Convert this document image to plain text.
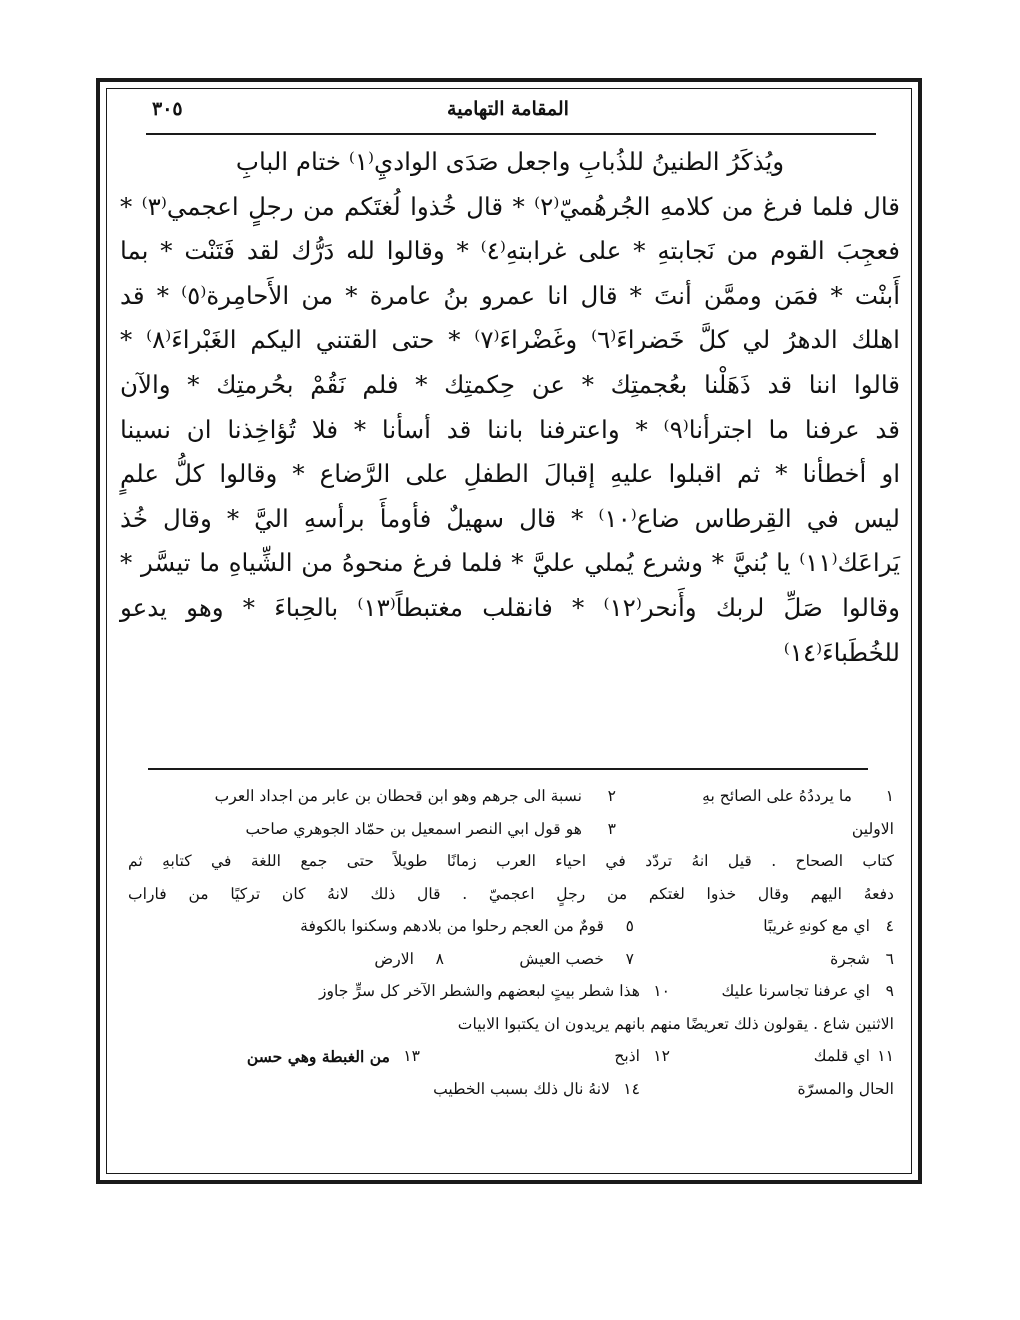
المقامة التهامية
٣٠٥
ويُذكَرُ الطنينُ للذُبابِ واجعل صَدَى الواديِ⁽١⁾ ختام البابِ
قال فلما فرغ من كلامهِ الجُرهُميّ⁽٢⁾ * قال خُذوا لُغتَكم من رجلٍ اعجمي⁽٣⁾ *
فعجِبَ القوم من نَجابتهِ * على غرابتهِ⁽٤⁾ * وقالوا لله دَرُّك لقد فَتَنْت * بما
أَبنْت * فمَن وممَّن أنتَ * قال انا عمرو بنُ عامرة * من الأَحامِرة⁽٥⁾ * قد
اهلك الدهرُ لي كلَّ خَضراءَ⁽٦⁾ وغَضْراءَ⁽٧⁾ * حتى القتني اليكم الغَبْراءَ⁽٨⁾ *
قالوا اننا قد ذَهَلْنا بعُجمتِك * عن حِكمتِك * فلم نَقُمْ بحُرمتِك * والآن
قد عرفنا ما اجترأنا⁽٩⁾ * واعترفنا باننا قد أسأنا * فلا تُؤاخِذنا ان نسينا
او أخطأنا * ثم اقبلوا عليهِ إقبالَ الطفلِ على الرَّضاع * وقالوا كلُّ علمٍ
ليس في القِرطاس ضاع⁽١٠⁾ * قال سهيلٌ فأومأَ برأسهِ اليَّ * وقال خُذ
يَراعَك⁽١١⁾ يا بُنيَّ * وشرع يُملي عليَّ * فلما فرغ منحوهُ من الشِّياهِ ما تيسَّر *
وقالوا صَلِّ لربك وأَنحر⁽١٢⁾ * فانقلب مغتبطاً⁽١٣⁾ بالحِباءَ * وهو يدعو
للخُطَباءَ⁽١٤⁾
١
ما يرددُهُ على الصائح بهِ
٢
نسبة الى جرهم وهو ابن قحطان بن عابر من اجداد العرب
الاولين
٣
هو قول ابي النصر اسمعيل بن حمّاد الجوهري صاحب
كتاب الصحاح . قيل انهُ تردّد في احياء العرب زمانًا طويلاً حتى جمع اللغة في كتابهِ ثم
دفعهُ اليهم وقال خذوا لغتكم من رجلٍ اعجميّ . قال ذلك لانهُ كان تركيًا من فاراب
٤
اي مع كونهِ غريبًا
٥
قومٌ من العجم رحلوا من بلادهم وسكنوا بالكوفة
٦
شجرة
٧
خصب العيش
٨
الارض
٩
اي عرفنا تجاسرنا عليك
١٠
هذا شطر بيتٍ لبعضهم والشطر الآخر كل سرٍّ جاوز
الاثنين شاع . يقولون ذلك تعريضًا منهم بانهم يريدون ان يكتبوا الابيات
١١
اي قلمك
١٢
اذبح
١٣
من الغبطة وهي حسن
الحال والمسرّة
١٤
لانهُ نال ذلك بسبب الخطيب
